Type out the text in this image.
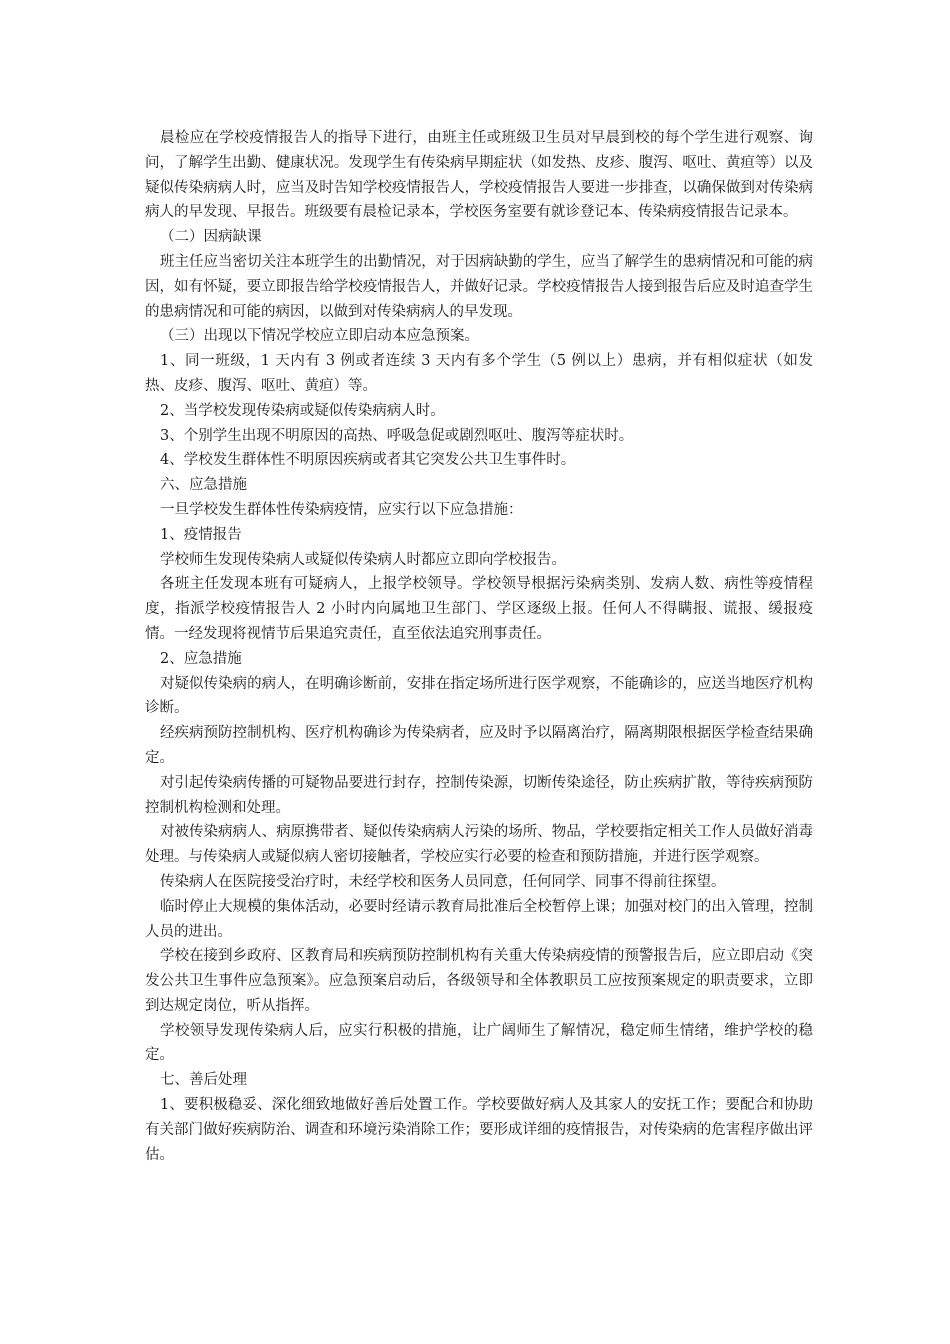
晨检应在学校疫情报告人的指导下进行，由班主任或班级卫生员对早晨到校的每个学生进行观察、询问，了解学生出勤、健康状况。发现学生有传染病早期症状（如发热、皮疹、腹泻、呕吐、黄疸等）以及疑似传染病病人时，应当及时告知学校疫情报告人，学校疫情报告人要进一步排查，以确保做到对传染病病人的早发现、早报告。班级要有晨检记录本，学校医务室要有就诊登记本、传染病疫情报告记录本。

（二）因病缺课

班主任应当密切关注本班学生的出勤情况，对于因病缺勤的学生，应当了解学生的患病情况和可能的病因，如有怀疑，要立即报告给学校疫情报告人，并做好记录。学校疫情报告人接到报告后应及时追查学生的患病情况和可能的病因，以做到对传染病病人的早发现。

（三）出现以下情况学校应立即启动本应急预案。

1、同一班级，1 天内有 3 例或者连续 3 天内有多个学生（5 例以上）患病，并有相似症状（如发热、皮疹、腹泻、呕吐、黄疸）等。

2、当学校发现传染病或疑似传染病病人时。

3、个别学生出现不明原因的高热、呼吸急促或剧烈呕吐、腹泻等症状时。

4、学校发生群体性不明原因疾病或者其它突发公共卫生事件时。

六、应急措施

一旦学校发生群体性传染病疫情，应实行以下应急措施：

1、疫情报告

学校师生发现传染病人或疑似传染病人时都应立即向学校报告。

各班主任发现本班有可疑病人，上报学校领导。学校领导根据污染病类别、发病人数、病性等疫情程度，指派学校疫情报告人 2 小时内向属地卫生部门、学区逐级上报。任何人不得瞒报、谎报、缓报疫情。一经发现将视情节后果追究责任，直至依法追究刑事责任。

2、应急措施

对疑似传染病的病人，在明确诊断前，安排在指定场所进行医学观察，不能确诊的，应送当地医疗机构诊断。

经疾病预防控制机构、医疗机构确诊为传染病者，应及时予以隔离治疗，隔离期限根据医学检查结果确定。

对引起传染病传播的可疑物品要进行封存，控制传染源，切断传染途径，防止疾病扩散，等待疾病预防控制机构检测和处理。

对被传染病病人、病原携带者、疑似传染病病人污染的场所、物品，学校要指定相关工作人员做好消毒处理。与传染病人或疑似病人密切接触者，学校应实行必要的检查和预防措施，并进行医学观察。

传染病人在医院接受治疗时，未经学校和医务人员同意，任何同学、同事不得前往探望。

临时停止大规模的集体活动，必要时经请示教育局批准后全校暂停上课；加强对校门的出入管理，控制人员的进出。

学校在接到乡政府、区教育局和疾病预防控制机构有关重大传染病疫情的预警报告后，应立即启动《突发公共卫生事件应急预案》。应急预案启动后，各级领导和全体教职员工应按预案规定的职责要求，立即到达规定岗位，听从指挥。

学校领导发现传染病人后，应实行积极的措施，让广阔师生了解情况，稳定师生情绪，维护学校的稳定。

七、善后处理

1、要积极稳妥、深化细致地做好善后处置工作。学校要做好病人及其家人的安抚工作；要配合和协助有关部门做好疾病防治、调查和环境污染消除工作；要形成详细的疫情报告，对传染病的危害程序做出评估。
